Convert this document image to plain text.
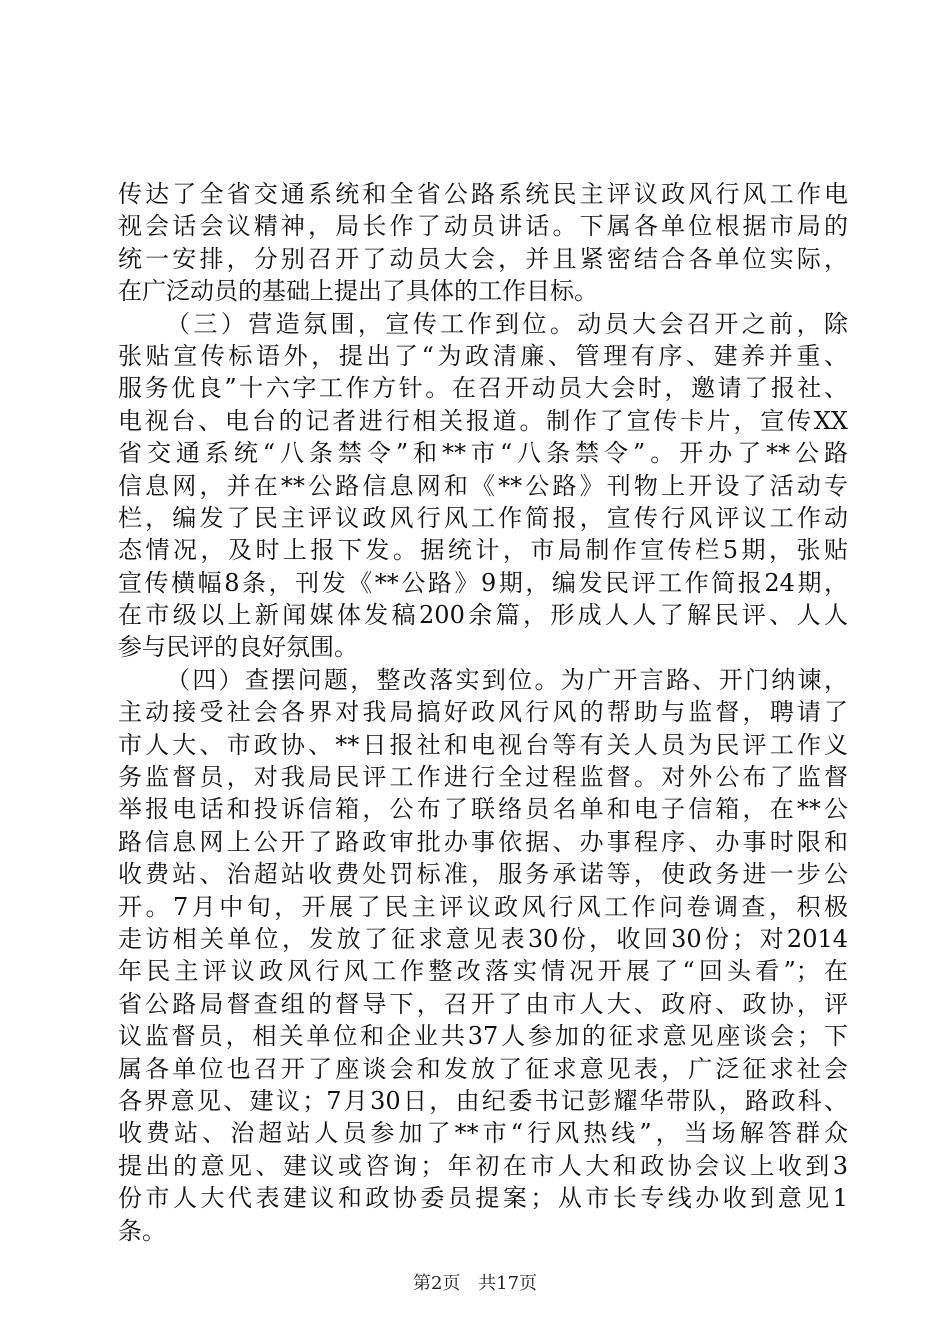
传达了全省交通系统和全省公路系统民主评议政风行风工作电
视会话会议精神，局长作了动员讲话。下属各单位根据市局的
统一安排，分别召开了动员大会，并且紧密结合各单位实际，
在广泛动员的基础上提出了具体的工作目标。
（三）营造氛围，宣传工作到位。动员大会召开之前，除
张贴宣传标语外，提出了“为政清廉、管理有序、建养并重、
服务优良”十六字工作方针。在召开动员大会时，邀请了报社、
电视台、电台的记者进行相关报道。制作了宣传卡片，宣传XX
省交通系统“八条禁令”和**市“八条禁令”。开办了**公路
信息网，并在**公路信息网和《**公路》刊物上开设了活动专
栏，编发了民主评议政风行风工作简报，宣传行风评议工作动
态情况，及时上报下发。据统计，市局制作宣传栏5期，张贴
宣传横幅8条，刊发《**公路》9期，编发民评工作简报24期，
在市级以上新闻媒体发稿200余篇，形成人人了解民评、人人
参与民评的良好氛围。
（四）查摆问题，整改落实到位。为广开言路、开门纳谏，
主动接受社会各界对我局搞好政风行风的帮助与监督，聘请了
市人大、市政协、**日报社和电视台等有关人员为民评工作义
务监督员，对我局民评工作进行全过程监督。对外公布了监督
举报电话和投诉信箱，公布了联络员名单和电子信箱，在**公
路信息网上公开了路政审批办事依据、办事程序、办事时限和
收费站、治超站收费处罚标准，服务承诺等，使政务进一步公
开。7月中旬，开展了民主评议政风行风工作问卷调查，积极
走访相关单位，发放了征求意见表30份，收回30份；对2014
年民主评议政风行风工作整改落实情况开展了“回头看”；在
省公路局督查组的督导下，召开了由市人大、政府、政协，评
议监督员，相关单位和企业共37人参加的征求意见座谈会；下
属各单位也召开了座谈会和发放了征求意见表，广泛征求社会
各界意见、建议；7月30日，由纪委书记彭耀华带队，路政科、
收费站、治超站人员参加了**市“行风热线”，当场解答群众
提出的意见、建议或咨询；年初在市人大和政协会议上收到3
份市人大代表建议和政协委员提案；从市长专线办收到意见1
条。
第2页 共17页
